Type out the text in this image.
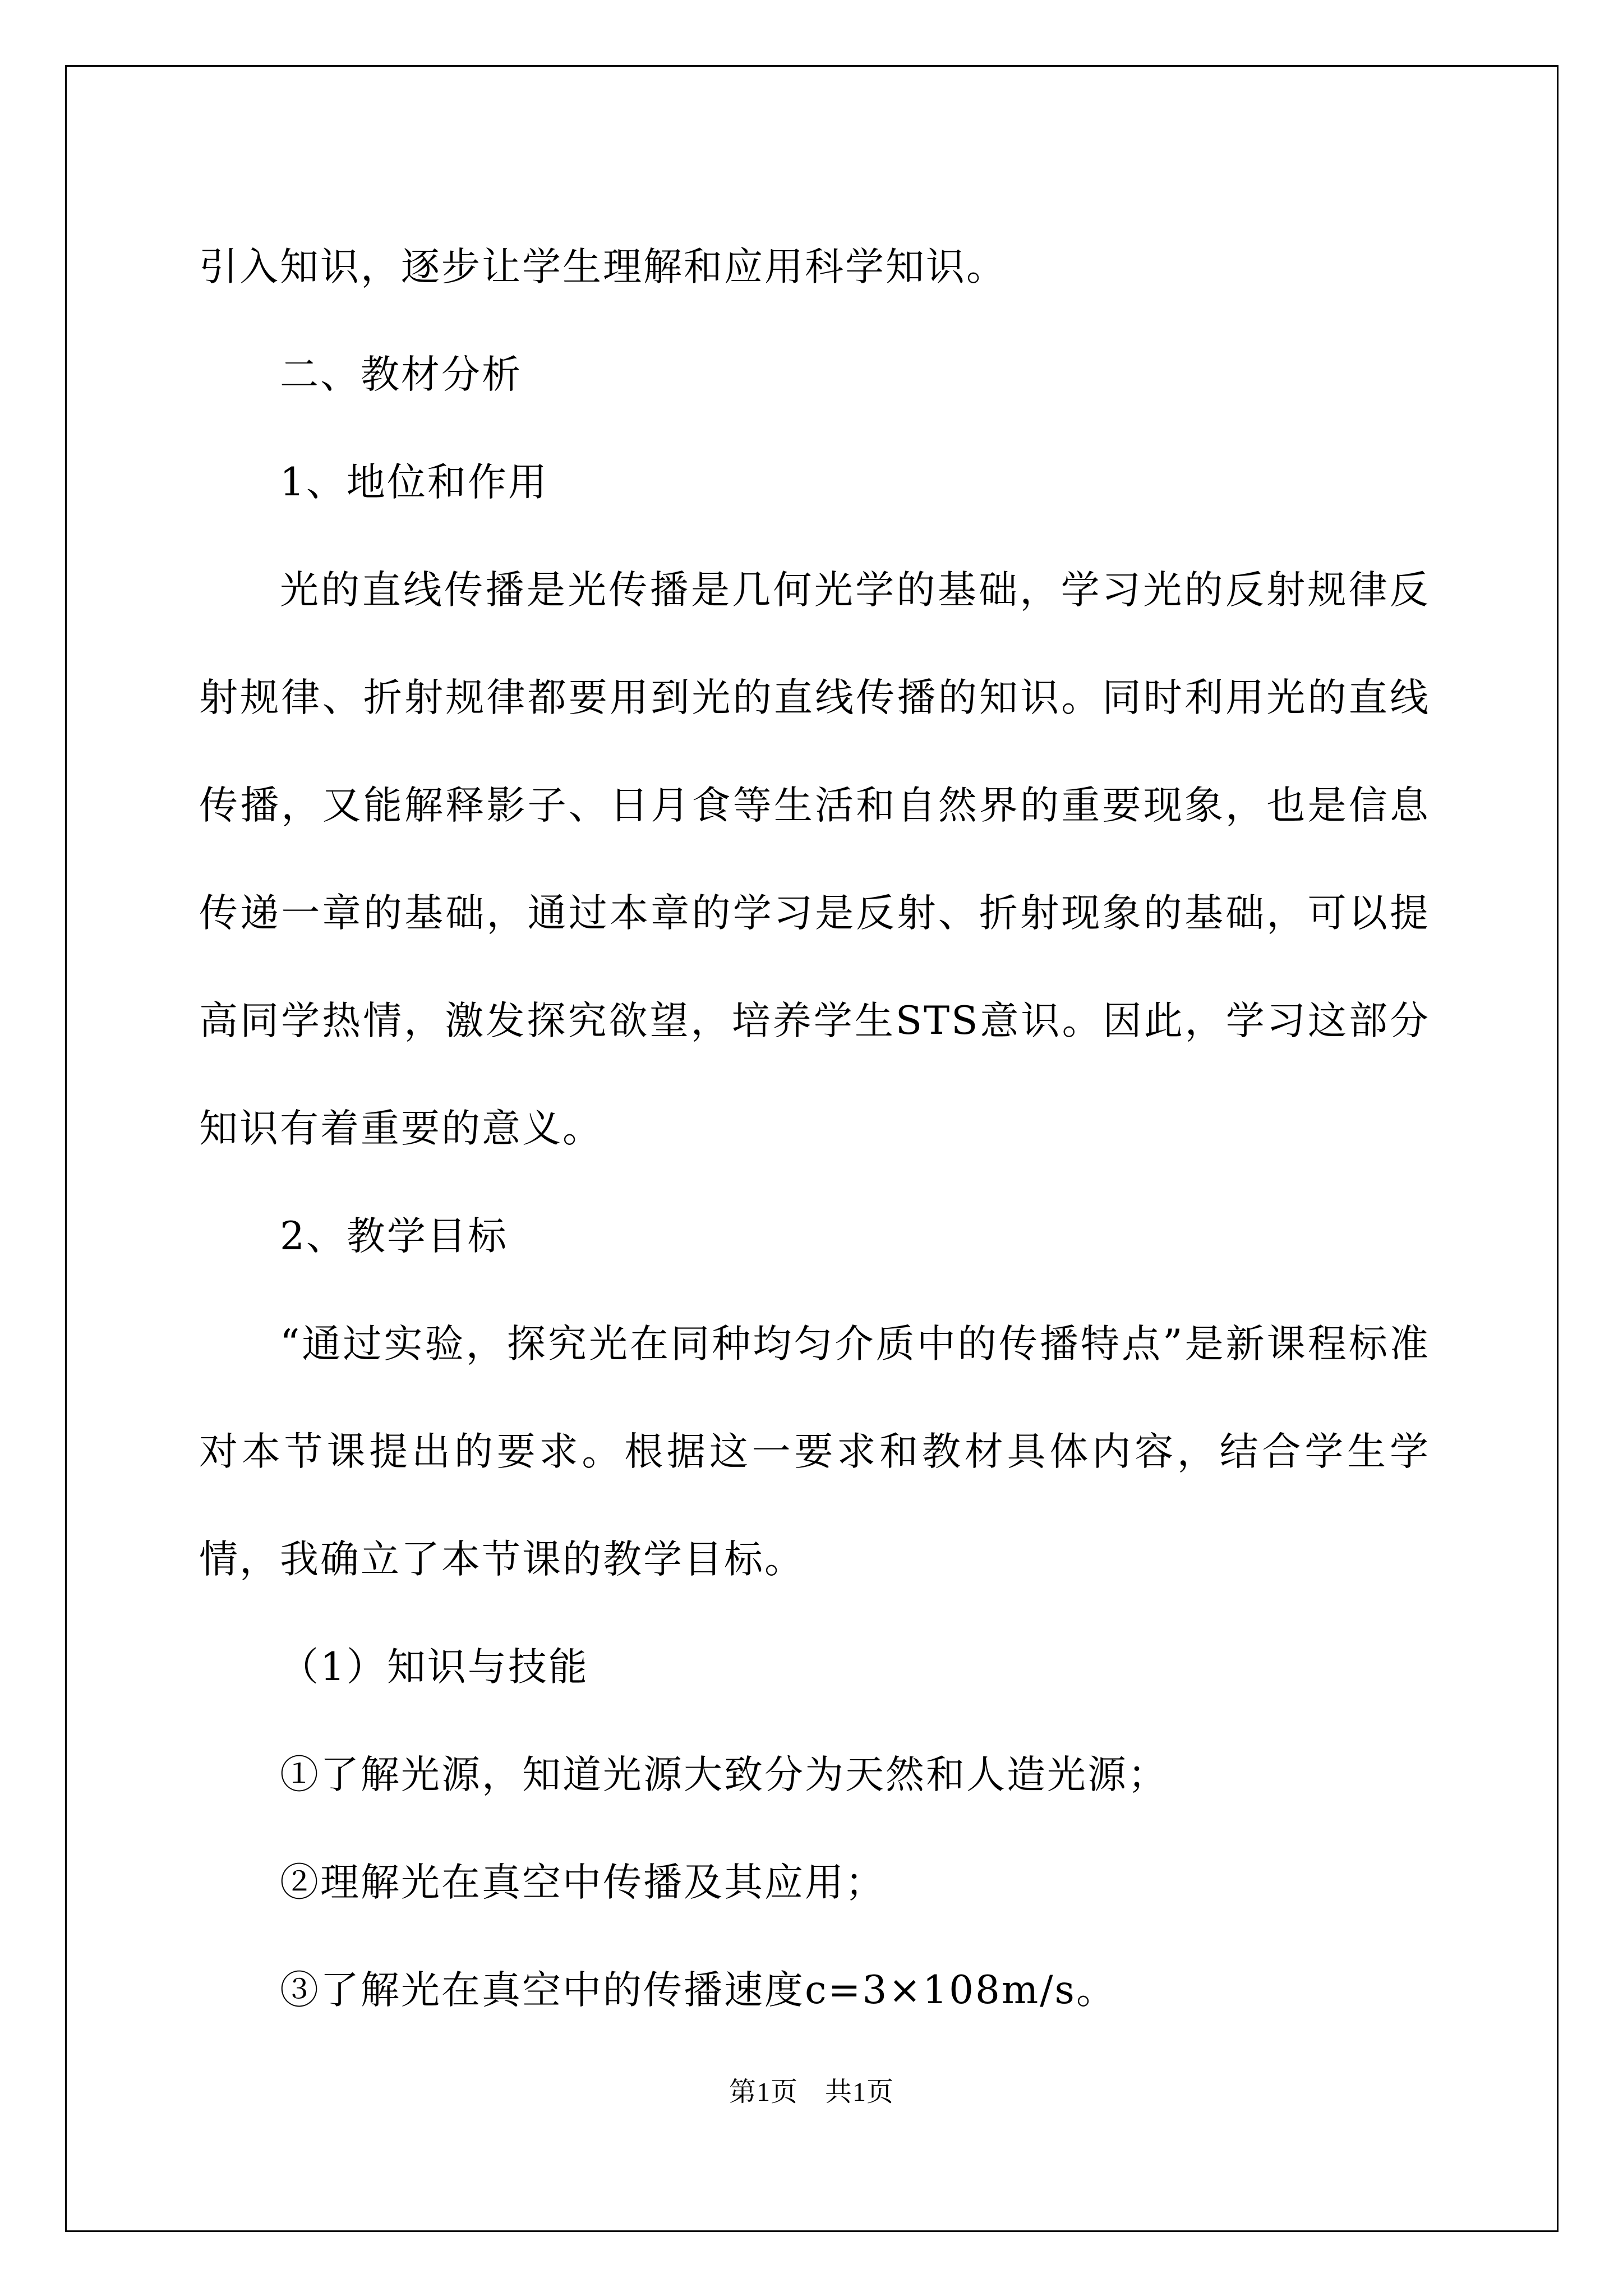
引入知识，逐步让学生理解和应用科学知识。

二、教材分析

1、地位和作用

光的直线传播是光传播是几何光学的基础，学习光的反射规律反射规律、折射规律都要用到光的直线传播的知识。同时利用光的直线传播，又能解释影子、日月食等生活和自然界的重要现象，也是信息传递一章的基础，通过本章的学习是反射、折射现象的基础，可以提高同学热情，激发探究欲望，培养学生STS意识。因此，学习这部分知识有着重要的意义。

2、教学目标

“通过实验，探究光在同种均匀介质中的传播特点”是新课程标准对本节课提出的要求。根据这一要求和教材具体内容，结合学生学情，我确立了本节课的教学目标。

（1）知识与技能

①了解光源，知道光源大致分为天然和人造光源；

②理解光在真空中传播及其应用；

③了解光在真空中的传播速度c=3×108m/s。

第1页 共1页
